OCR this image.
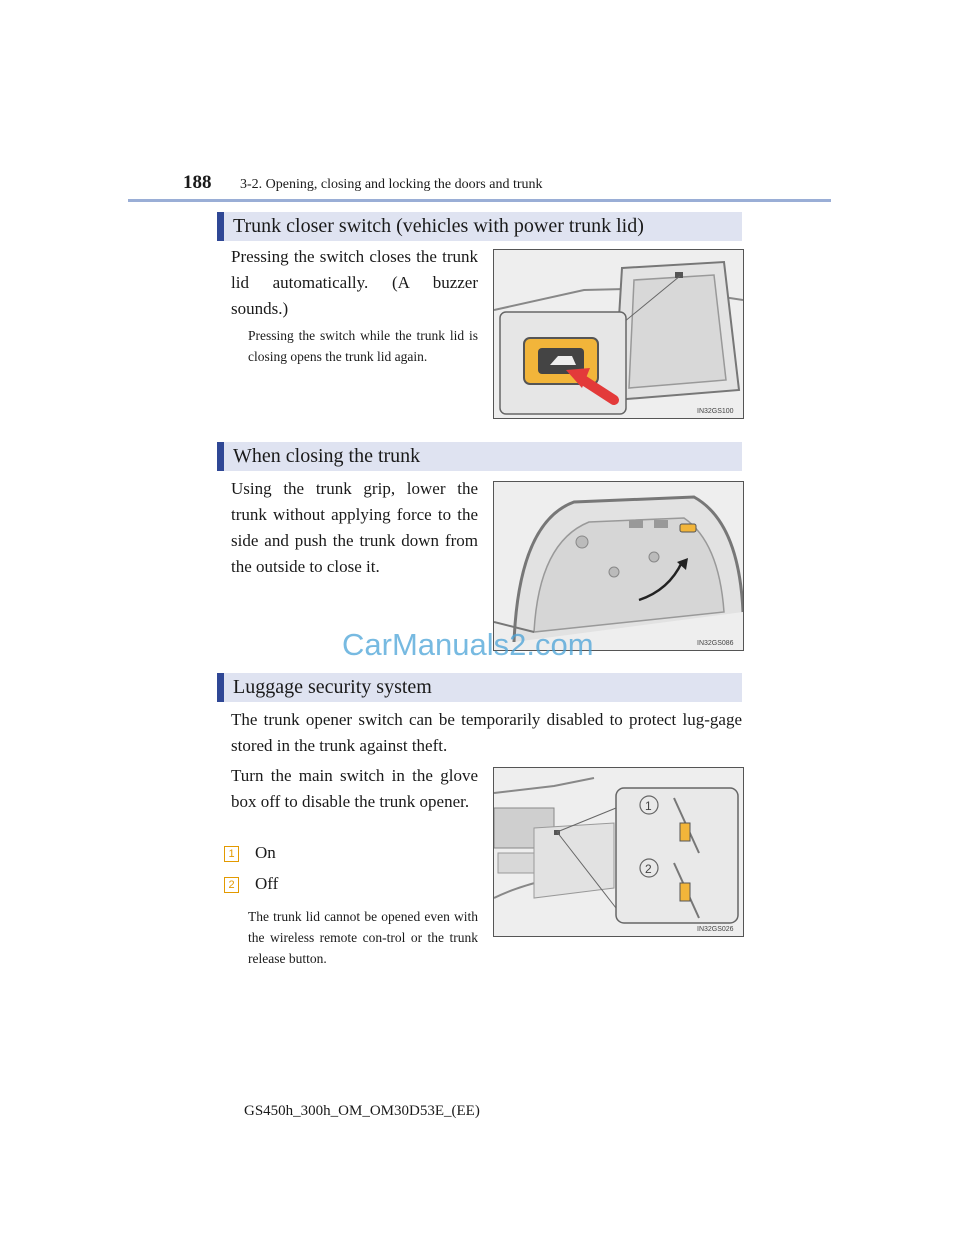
188 3-2. Opening, closing and locking the doors and trunk
Trunk closer switch (vehicles with power trunk lid)
Pressing the switch closes the trunk lid automatically. (A buzzer sounds.)
Pressing the switch while the trunk lid is closing opens the trunk lid again.
IN32GS100
When closing the trunk
Using the trunk grip, lower the trunk without applying force to the side and push the trunk down from the outside to close it.
IN32GS086
CarManuals2.com
Luggage security system
The trunk opener switch can be temporarily disabled to protect lug-gage stored in the trunk against theft.
Turn the main switch in the glove box off to disable the trunk opener.
1 On
2 Off
The trunk lid cannot be opened even with the wireless remote con-trol or the trunk release button.
1
2
IN32GS026
GS450h_300h_OM_OM30D53E_(EE)
